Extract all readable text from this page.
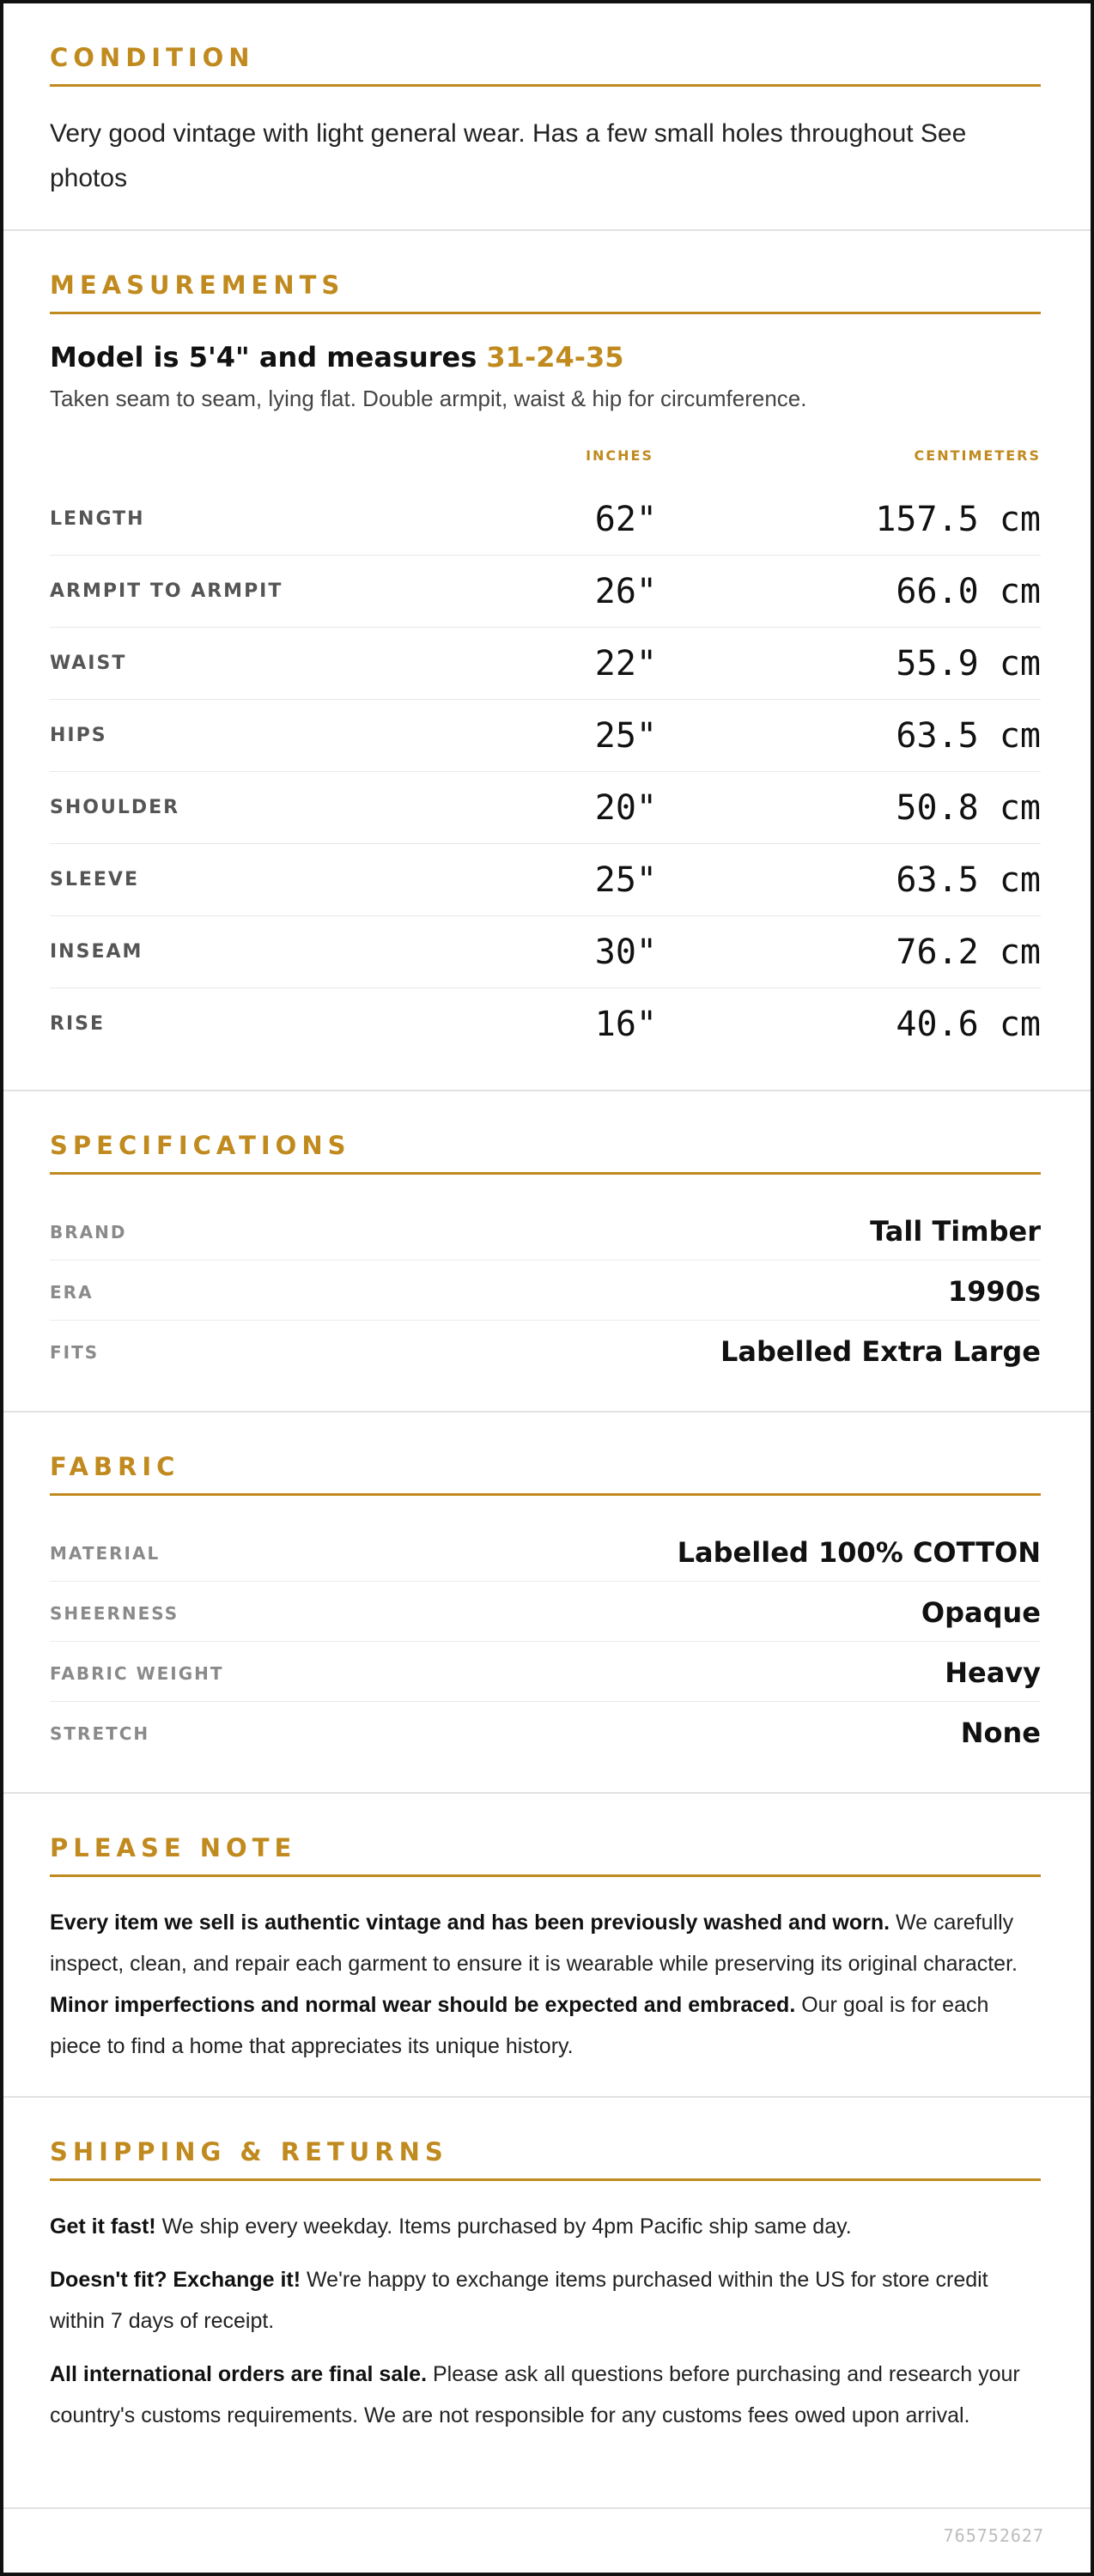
CONDITION
Very good vintage with light general wear. Has a few small holes throughout See photos
MEASUREMENTS
Model is 5'4" and measures 31-24-35
Taken seam to seam, lying flat. Double armpit, waist & hip for circumference.
INCHES	CENTIMETERS
LENGTH	62"	157.5 cm
ARMPIT TO ARMPIT	26"	66.0 cm
WAIST	22"	55.9 cm
HIPS	25"	63.5 cm
SHOULDER	20"	50.8 cm
SLEEVE	25"	63.5 cm
INSEAM	30"	76.2 cm
RISE	16"	40.6 cm
SPECIFICATIONS
BRAND	Tall Timber
ERA	1990s
FITS	Labelled Extra Large
FABRIC
MATERIAL	Labelled 100% COTTON
SHEERNESS	Opaque
FABRIC WEIGHT	Heavy
STRETCH	None
PLEASE NOTE
Every item we sell is authentic vintage and has been previously washed and worn. We carefully inspect, clean, and repair each garment to ensure it is wearable while preserving its original character. Minor imperfections and normal wear should be expected and embraced. Our goal is for each piece to find a home that appreciates its unique history.
SHIPPING & RETURNS
Get it fast! We ship every weekday. Items purchased by 4pm Pacific ship same day.
Doesn't fit? Exchange it! We're happy to exchange items purchased within the US for store credit within 7 days of receipt.
All international orders are final sale. Please ask all questions before purchasing and research your country's customs requirements. We are not responsible for any customs fees owed upon arrival.
765752627
